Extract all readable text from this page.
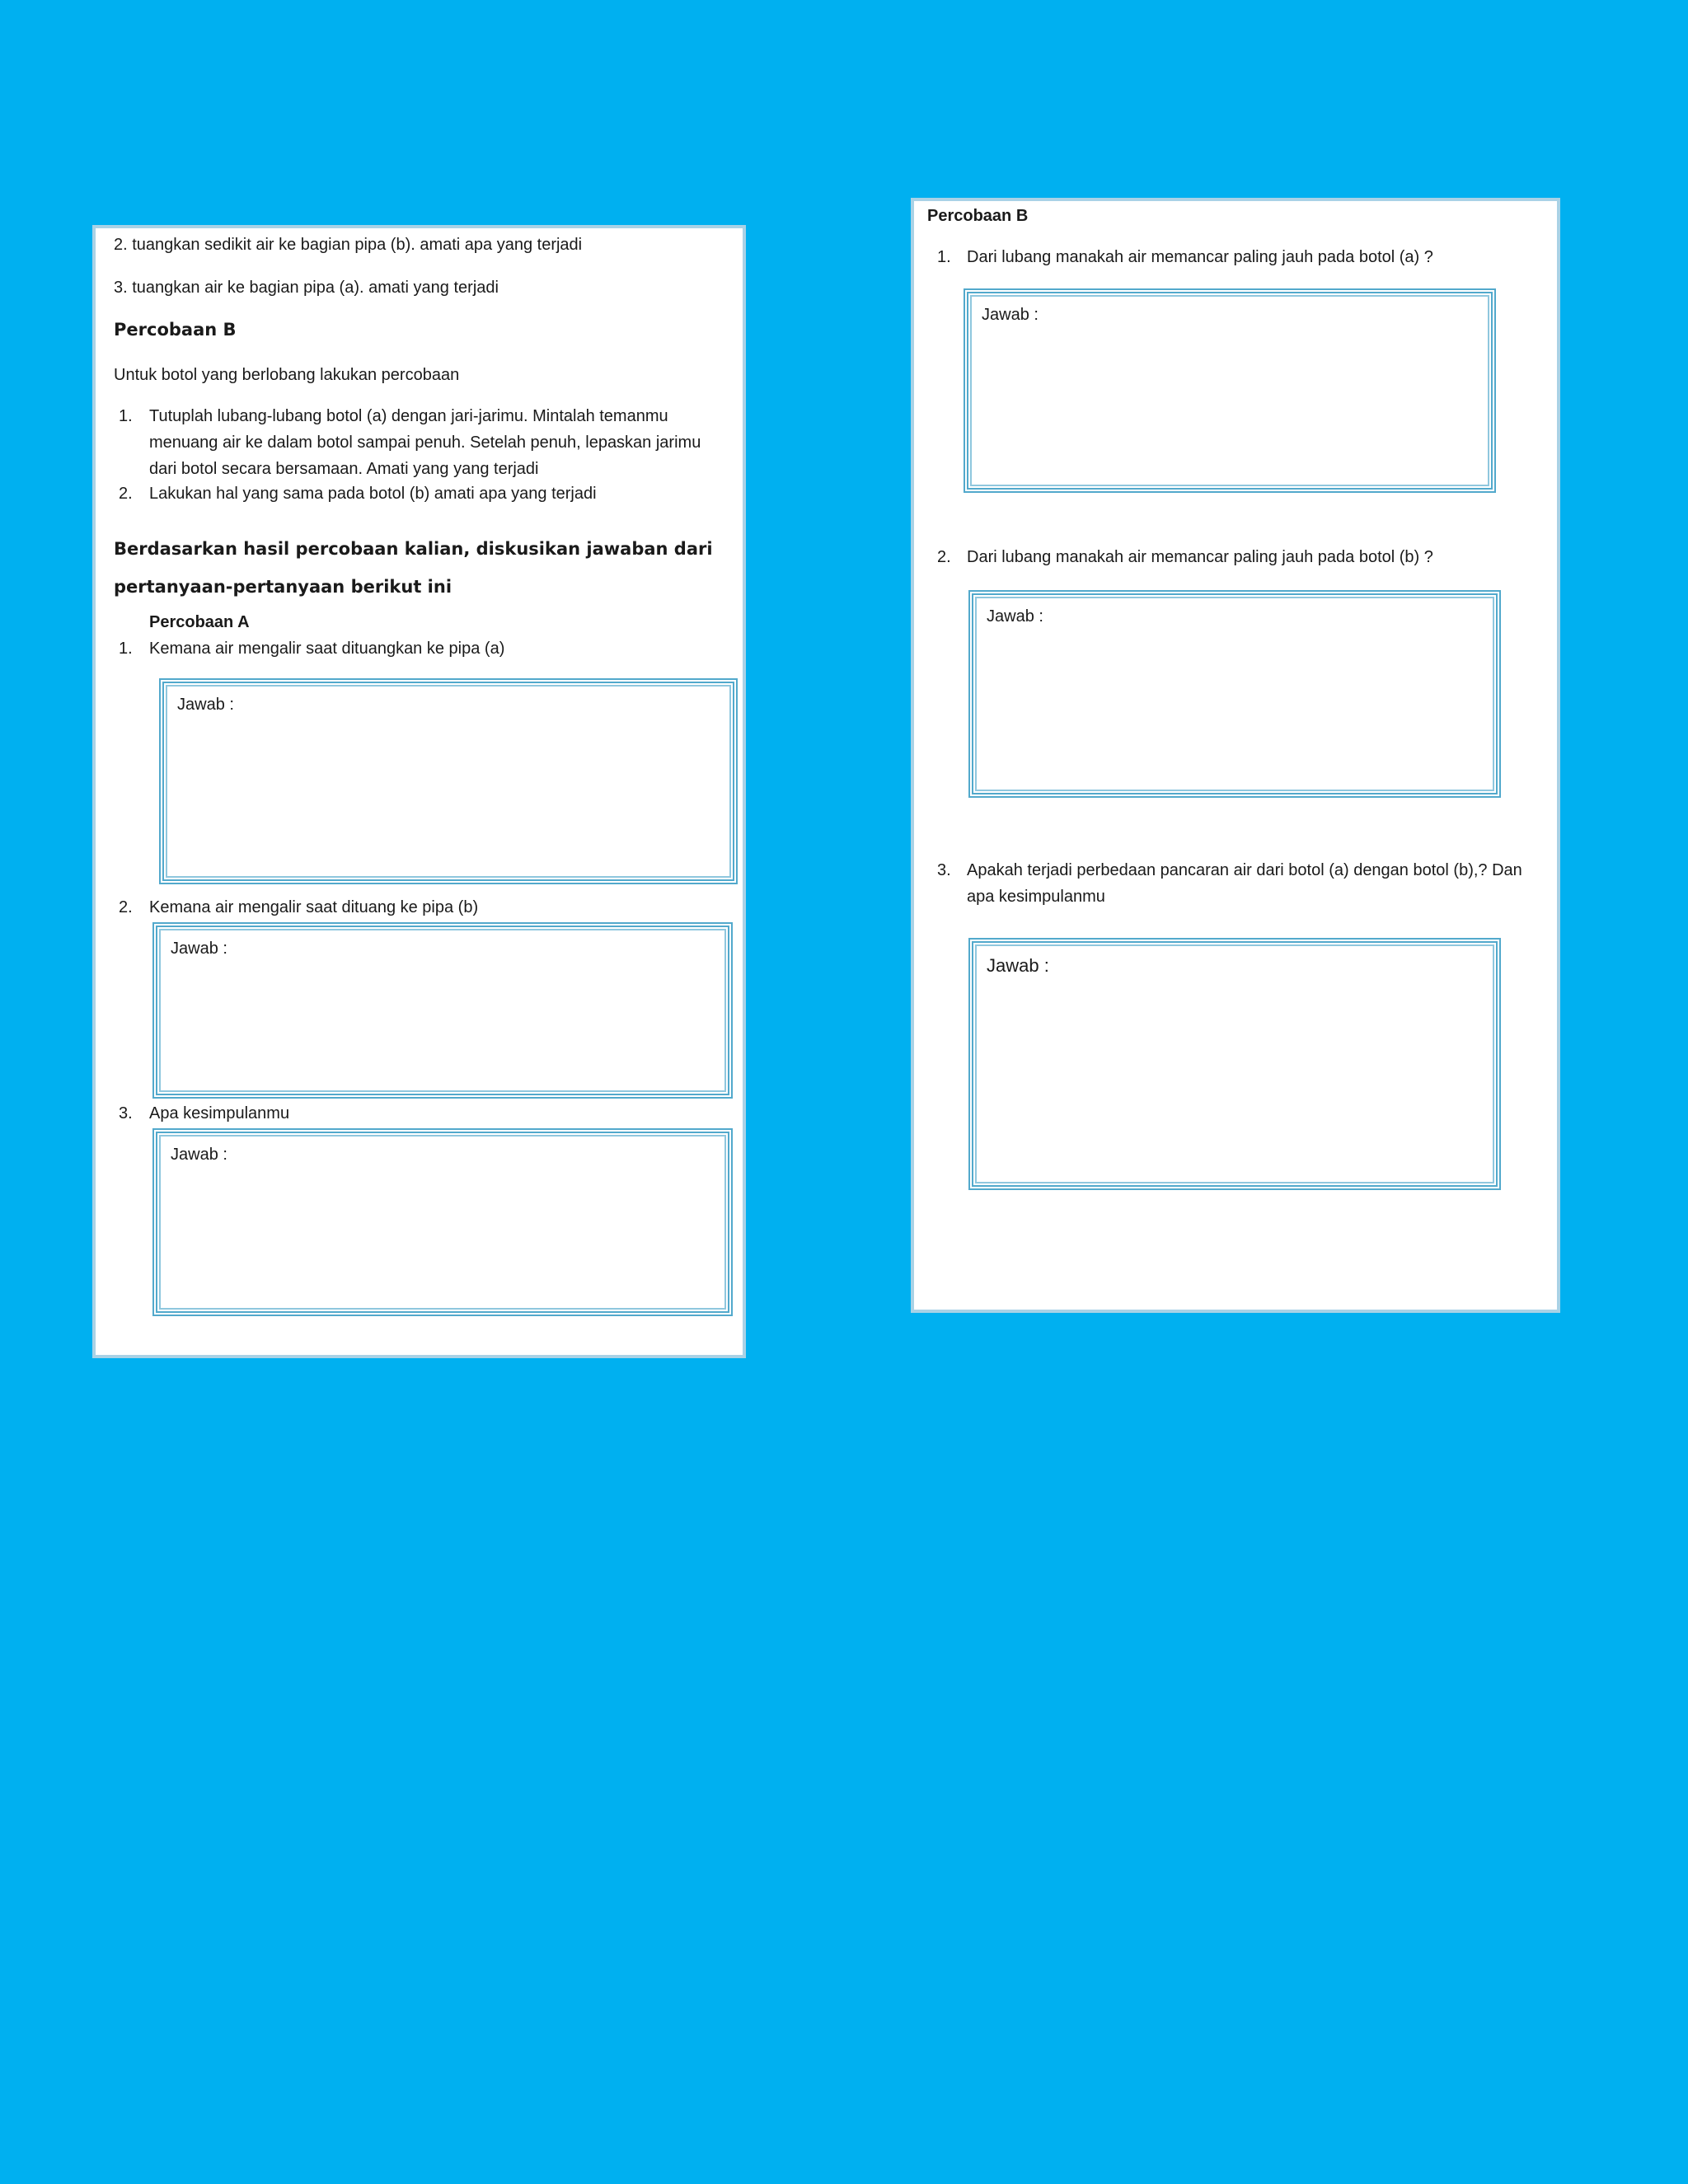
2. tuangkan sedikit air ke bagian pipa (b). amati apa yang terjadi
3. tuangkan air ke bagian pipa (a). amati yang terjadi
Percobaan B
Untuk botol yang berlobang lakukan percobaan
1. Tutuplah lubang-lubang botol (a) dengan jari-jarimu. Mintalah temanmu menuang air ke dalam botol sampai penuh. Setelah penuh, lepaskan jarimu dari botol secara bersamaan. Amati yang yang terjadi
2. Lakukan hal yang sama pada botol (b) amati apa yang terjadi
Berdasarkan hasil percobaan kalian, diskusikan jawaban dari
pertanyaan-pertanyaan berikut ini
Percobaan A
1. Kemana air mengalir saat dituangkan ke pipa (a)
Jawab :
2. Kemana air mengalir saat dituang ke pipa (b)
Jawab :
3. Apa kesimpulanmu
Jawab :
Percobaan B
1. Dari lubang manakah air memancar paling jauh pada botol (a) ?
Jawab :
2. Dari lubang manakah air memancar paling jauh pada botol (b) ?
Jawab :
3. Apakah terjadi perbedaan pancaran air dari botol (a) dengan botol (b),? Dan
apa kesimpulanmu
Jawab :
